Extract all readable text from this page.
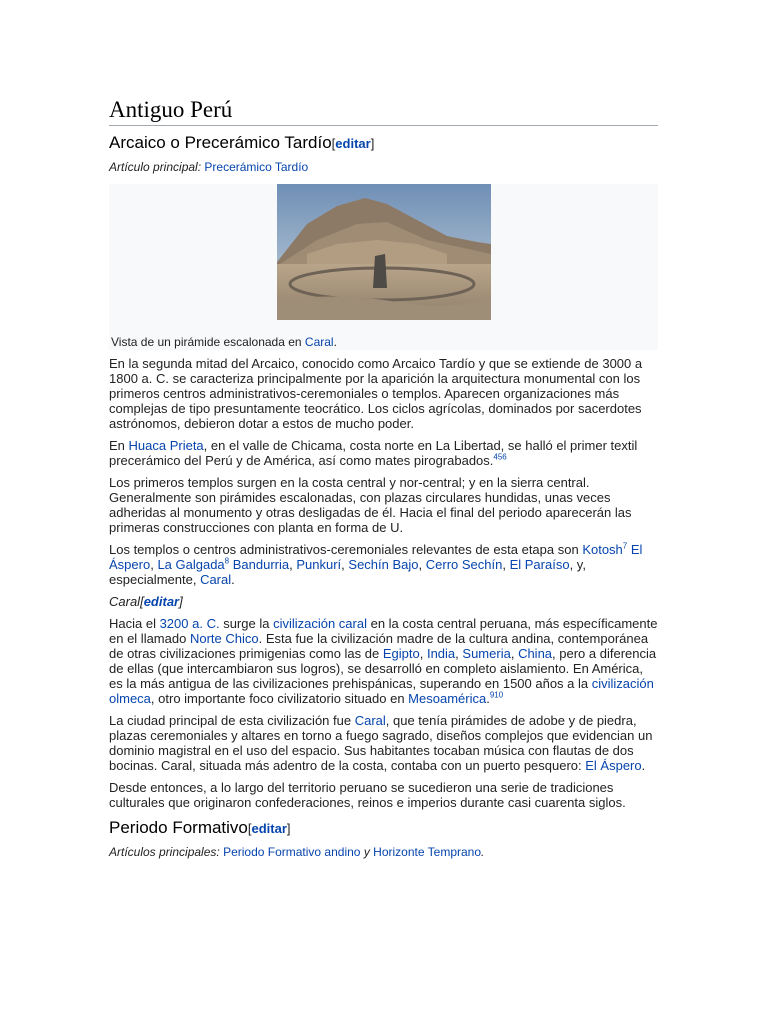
Antiguo Perú
Arcaico o Precerámico Tardío[editar]
Artículo principal: Precerámico Tardío
Vista de un pirámide escalonada en Caral.

En la segunda mitad del Arcaico, conocido como Arcaico Tardío y que se extiende de 3000 a 1800 a. C. se caracteriza principalmente por la aparición la arquitectura monumental con los primeros centros administrativos-ceremoniales o templos. Aparecen organizaciones más complejas de tipo presuntamente teocrático. Los ciclos agrícolas, dominados por sacerdotes astrónomos, debieron dotar a estos de mucho poder.

En Huaca Prieta, en el valle de Chicama, costa norte en La Libertad, se halló el primer textil precerámico del Perú y de América, así como mates pirograbados.$^{456}$

Los primeros templos surgen en la costa central y nor-central; y en la sierra central. Generalmente son pirámides escalonadas, con plazas circulares hundidas, unas veces adheridas al monumento y otras desligadas de él. Hacia el final del periodo aparecerán las primeras construcciones con planta en forma de U.

Los templos o centros administrativos-ceremoniales relevantes de esta etapa son Kotosh$^7$ El Áspero, La Galgada$^8$ Bandurria, Punkurí, Sechín Bajo, Cerro Sechín, El Paraíso, y, especialmente, Caral.

Caral[editar]

Hacia el 3200 a. C. surge la civilización caral en la costa central peruana, más específicamente en el llamado Norte Chico. Esta fue la civilización madre de la cultura andina, contemporánea de otras civilizaciones primigenias como las de Egipto, India, Sumeria, China, pero a diferencia de ellas (que intercambiaron sus logros), se desarrolló en completo aislamiento. En América, es la más antigua de las civilizaciones prehispánicas, superando en 1500 años a la civilización olmeca, otro importante foco civilizatorio situado en Mesoamérica.$^{910}$

La ciudad principal de esta civilización fue Caral, que tenía pirámides de adobe y de piedra, plazas ceremoniales y altares en torno a fuego sagrado, diseños complejos que evidencian un dominio magistral en el uso del espacio. Sus habitantes tocaban música con flautas de dos bocinas. Caral, situada más adentro de la costa, contaba con un puerto pesquero: El Áspero.

Desde entonces, a lo largo del territorio peruano se sucedieron una serie de tradiciones culturales que originaron confederaciones, reinos e imperios durante casi cuarenta siglos.

Periodo Formativo[editar]
Artículos principales: Periodo Formativo andino y Horizonte Temprano.
